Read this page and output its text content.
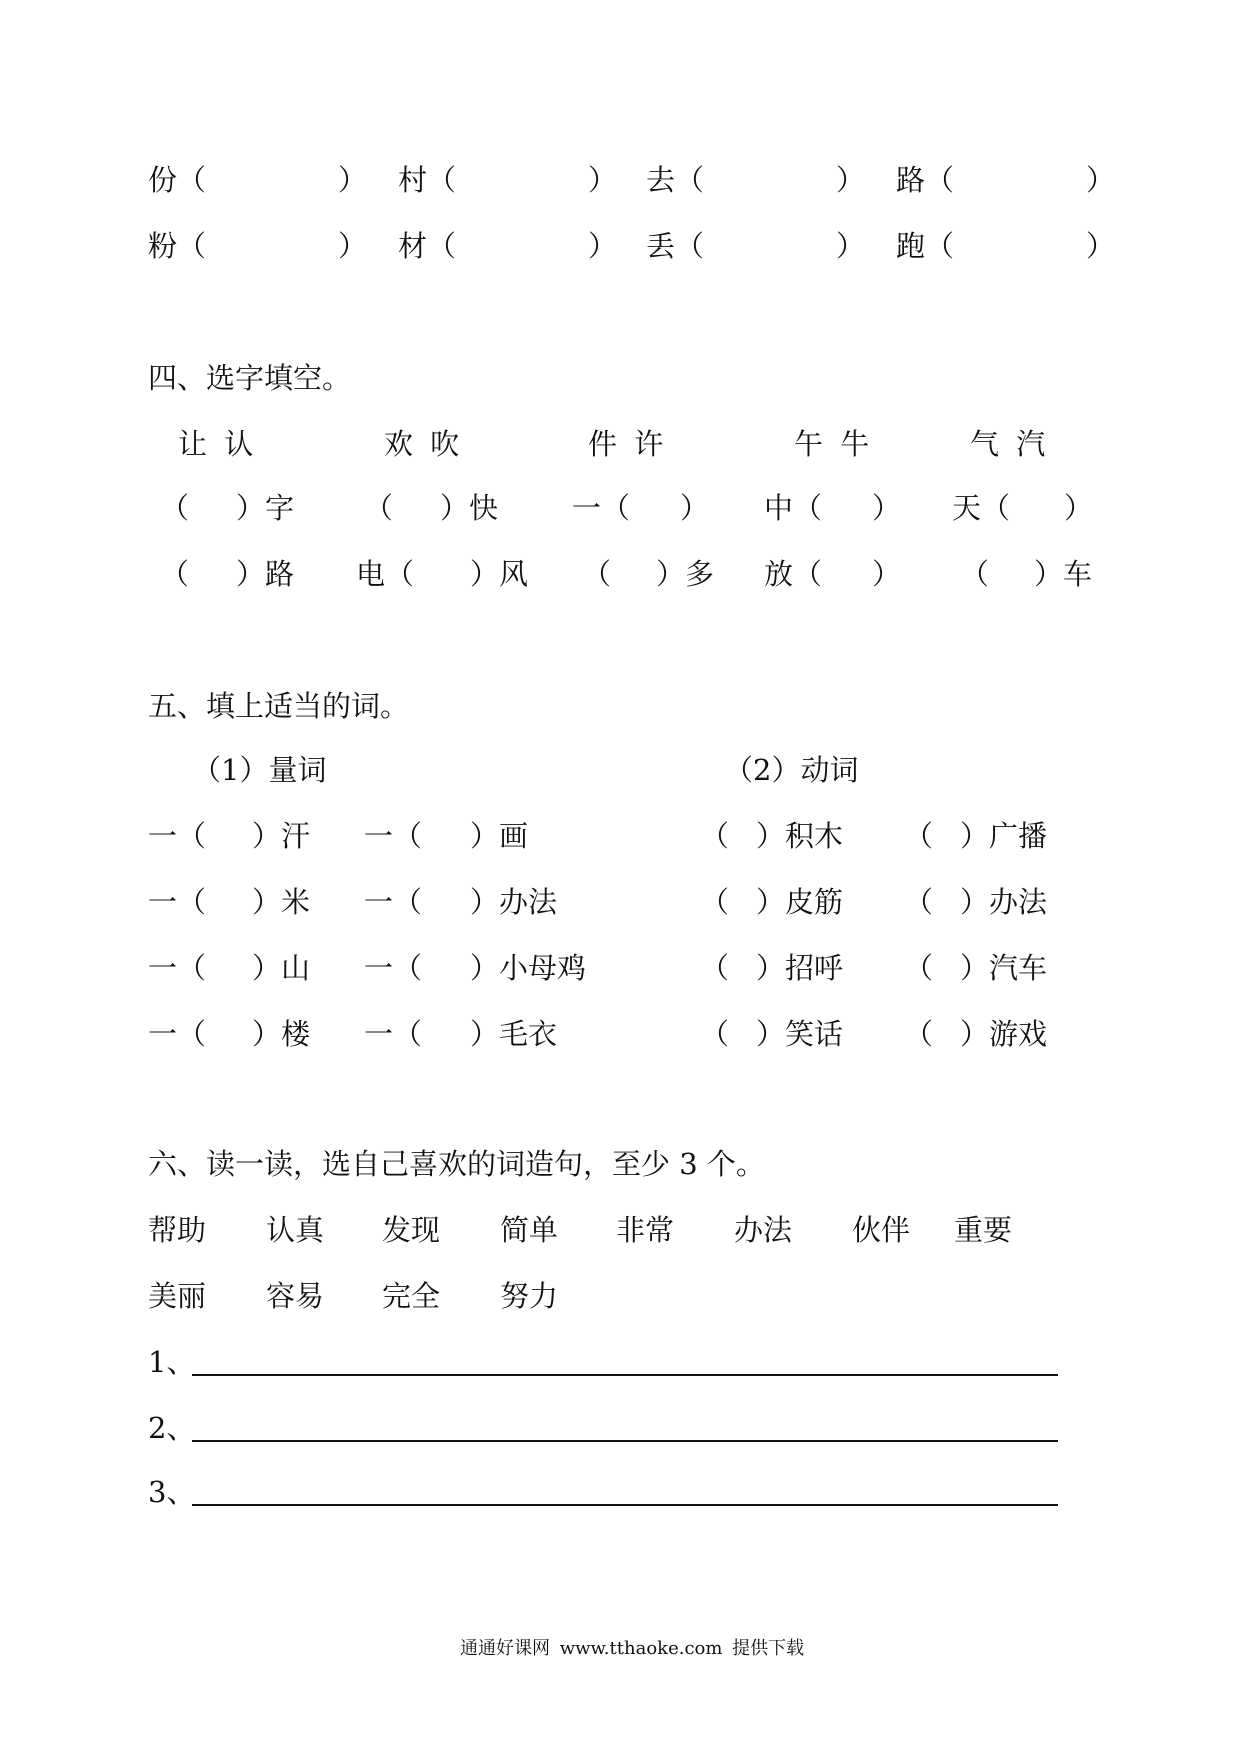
份（	） 村（	） 去（	） 路（	）
粉（	） 材（	） 丢（	） 跑（	）
四、选字填空。
让 认	欢 吹	件 许	午 牛	气 汽
（ ）字 （ ）快	一（ ） 中（ ） 天（ ）
（ ）路 电（ ）风 （ ）多 放（ ） （ ）车
五、填上适当的词。
（1）量词	（2）动词
一（ ）汗 一（ ）画	（ ）积木 （ ）广播
一（ ）米 一（ ）办法	（ ）皮筋 （ ）办法
一（ ）山 一（ ）小母鸡	（ ）招呼 （ ）汽车
一（ ）楼 一（ ）毛衣	（ ）笑话 （ ）游戏
六、读一读，选自己喜欢的词造句，至少 3 个。
帮助 认真 发现 简单 非常 办法 伙伴 重要
美丽 容易 完全 努力
1、
2、
3、
通通好课网 www.tthaoke.com 提供下载
